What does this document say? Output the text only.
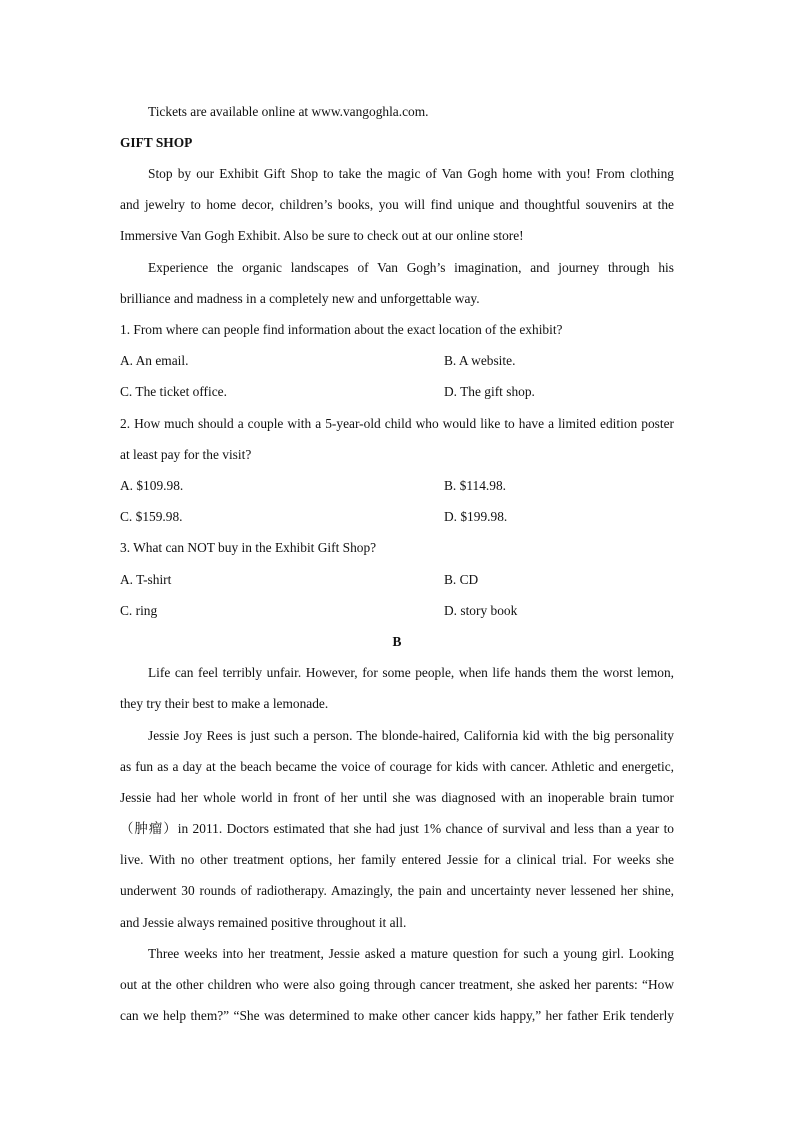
Tickets are available online at www.vangoghla.com.
GIFT SHOP
Stop by our Exhibit Gift Shop to take the magic of Van Gogh home with you! From clothing
and jewelry to home decor, children’s books, you will find unique and thoughtful souvenirs at the
Immersive Van Gogh Exhibit. Also be sure to check out at our online store!
Experience the organic landscapes of Van Gogh’s imagination, and journey through his
brilliance and madness in a completely new and unforgettable way.
1. From where can people find information about the exact location of the exhibit?
A. An email.	B. A website.
C. The ticket office.	D. The gift shop.
2. How much should a couple with a 5-year-old child who would like to have a limited edition poster
at least pay for the visit?
A. $109.98.	B. $114.98.
C. $159.98.	D. $199.98.
3. What can NOT buy in the Exhibit Gift Shop?
A. T-shirt	B. CD
C. ring	D. story book
B
Life can feel terribly unfair. However, for some people, when life hands them the worst lemon,
they try their best to make a lemonade.
Jessie Joy Rees is just such a person. The blonde-haired, California kid with the big personality
as fun as a day at the beach became the voice of courage for kids with cancer. Athletic and energetic,
Jessie had her whole world in front of her until she was diagnosed with an inoperable brain tumor
（肿瘤）in 2011. Doctors estimated that she had just 1% chance of survival and less than a year to
live. With no other treatment options, her family entered Jessie for a clinical trial. For weeks she
underwent 30 rounds of radiotherapy. Amazingly, the pain and uncertainty never lessened her shine,
and Jessie always remained positive throughout it all.
Three weeks into her treatment, Jessie asked a mature question for such a young girl. Looking
out at the other children who were also going through cancer treatment, she asked her parents: “How
can we help them?” “She was determined to make other cancer kids happy,” her father Erik tenderly
